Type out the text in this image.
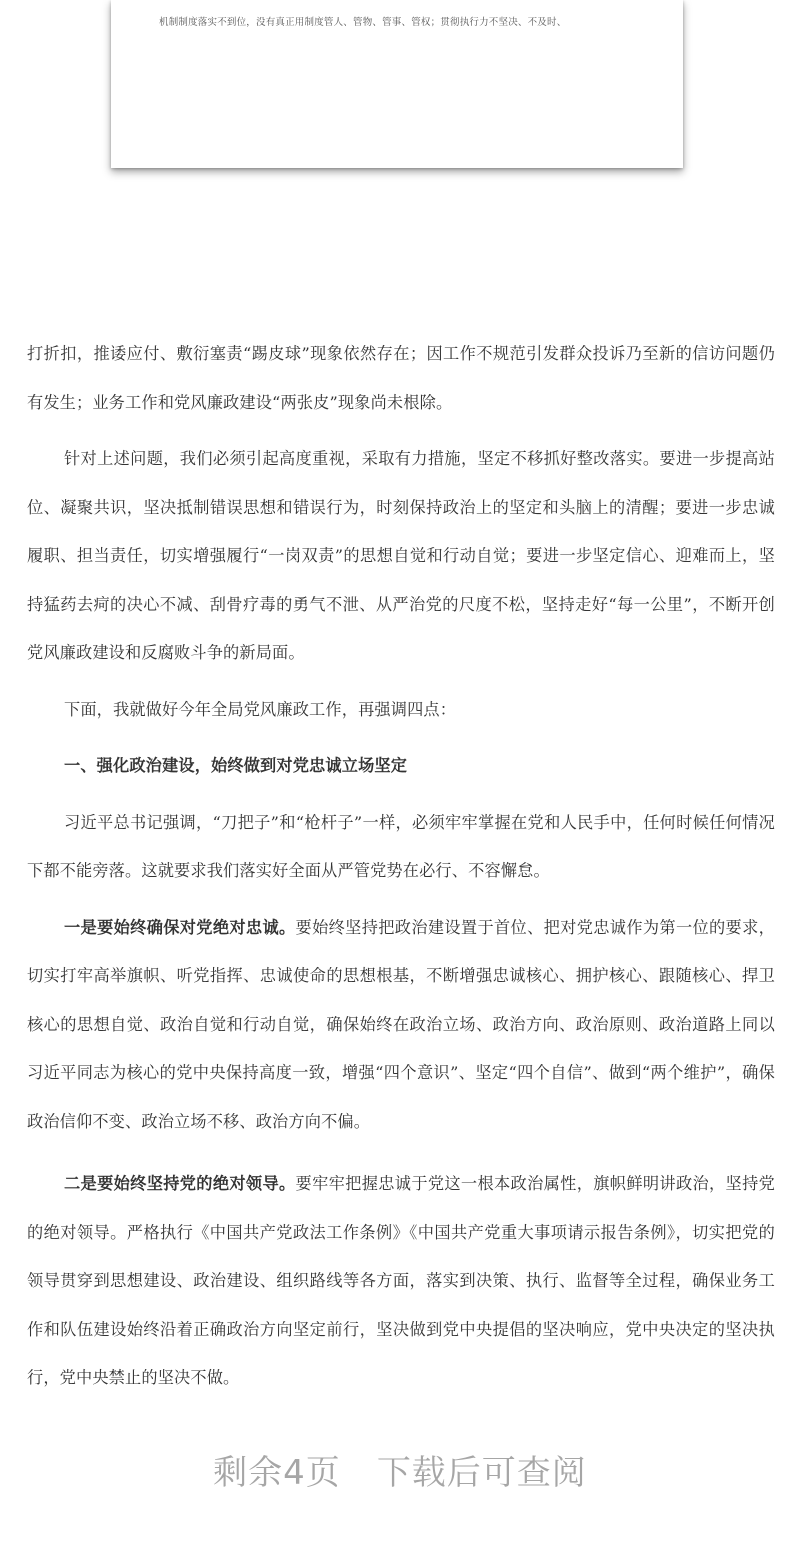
机制制度落实不到位，没有真正用制度管人、管物、管事、管权；贯彻执行力不坚决、不及时、

打折扣，推诿应付、敷衍塞责“踢皮球”现象依然存在；因工作不规范引发群众投诉乃至新的信访问题仍有发生；业务工作和党风廉政建设“两张皮”现象尚未根除。

针对上述问题，我们必须引起高度重视，采取有力措施，坚定不移抓好整改落实。要进一步提高站位、凝聚共识，坚决抵制错误思想和错误行为，时刻保持政治上的坚定和头脑上的清醒；要进一步忠诚履职、担当责任，切实增强履行“一岗双责”的思想自觉和行动自觉；要进一步坚定信心、迎难而上，坚持猛药去疴的决心不减、刮骨疗毒的勇气不泄、从严治党的尺度不松，坚持走好“每一公里”，不断开创党风廉政建设和反腐败斗争的新局面。

下面，我就做好今年全局党风廉政工作，再强调四点：

一、强化政治建设，始终做到对党忠诚立场坚定

习近平总书记强调，“刀把子”和“枪杆子”一样，必须牢牢掌握在党和人民手中，任何时候任何情况下都不能旁落。这就要求我们落实好全面从严管党势在必行、不容懈怠。

一是要始终确保对党绝对忠诚。要始终坚持把政治建设置于首位、把对党忠诚作为第一位的要求，切实打牢高举旗帜、听党指挥、忠诚使命的思想根基，不断增强忠诚核心、拥护核心、跟随核心、捍卫核心的思想自觉、政治自觉和行动自觉，确保始终在政治立场、政治方向、政治原则、政治道路上同以习近平同志为核心的党中央保持高度一致，增强“四个意识”、坚定“四个自信”、做到“两个维护”，确保政治信仰不变、政治立场不移、政治方向不偏。

二是要始终坚持党的绝对领导。要牢牢把握忠诚于党这一根本政治属性，旗帜鲜明讲政治，坚持党的绝对领导。严格执行《中国共产党政法工作条例》《中国共产党重大事项请示报告条例》，切实把党的领导贯穿到思想建设、政治建设、组织路线等各方面，落实到决策、执行、监督等全过程，确保业务工作和队伍建设始终沿着正确政治方向坚定前行，坚决做到党中央提倡的坚决响应，党中央决定的坚决执行，党中央禁止的坚决不做。

剩余4页 下载后可查阅
